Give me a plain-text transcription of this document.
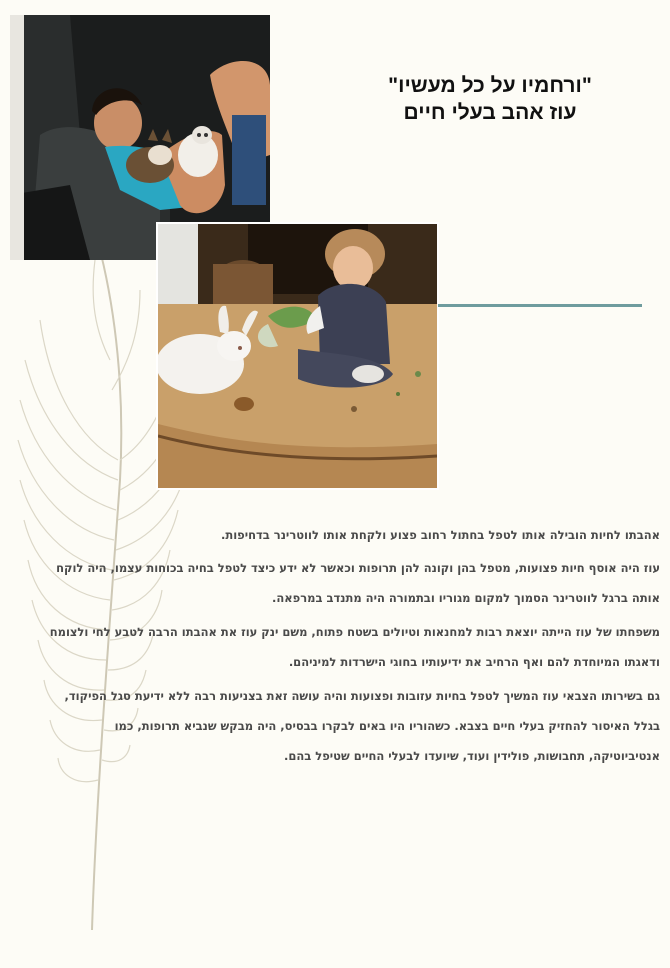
"ורחמיו על כל מעשיו"

עוז אהב בעלי חיים

אהבתו לחיות הובילה אותו לטפל בחתול רחוב פצוע ולקחת אותו לווטרינר בדחיפות.

עוז היה אוסף חיות פצועות, מטפל בהן וקונה להן תרופות וכאשר לא ידע כיצד לטפל בחיה בכוחות עצמו, היה לוקח אותה ברגל לווטרינר הסמוך למקום מגוריו ובתמורה היה מתנדב במרפאה.

משפחתו של עוז הייתה יוצאת רבות למחנאות וטיולים בשטח פתוח, משם ינק עוז את אהבתו הרבה לטבע לחי ולצומח ודאגתו המיוחדת להם ואף הרחיב את ידיעותיו בחוגי הישרדות למיניהם.

גם בשירותו הצבאי עוז המשיך לטפל בחיות עזובות ופצועות והיה עושה זאת בצניעות רבה ללא ידיעת סגל הפיקוד, בגלל האיסור להחזיק בעלי חיים בצבא. כשהוריו היו באים לבקרו בבסיס, היה מבקש שנביא תרופות, כמו אנטיביוטיקה, תחבושות, פולידין ועוד, שיועדו לבעלי החיים שטיפל בהם.
